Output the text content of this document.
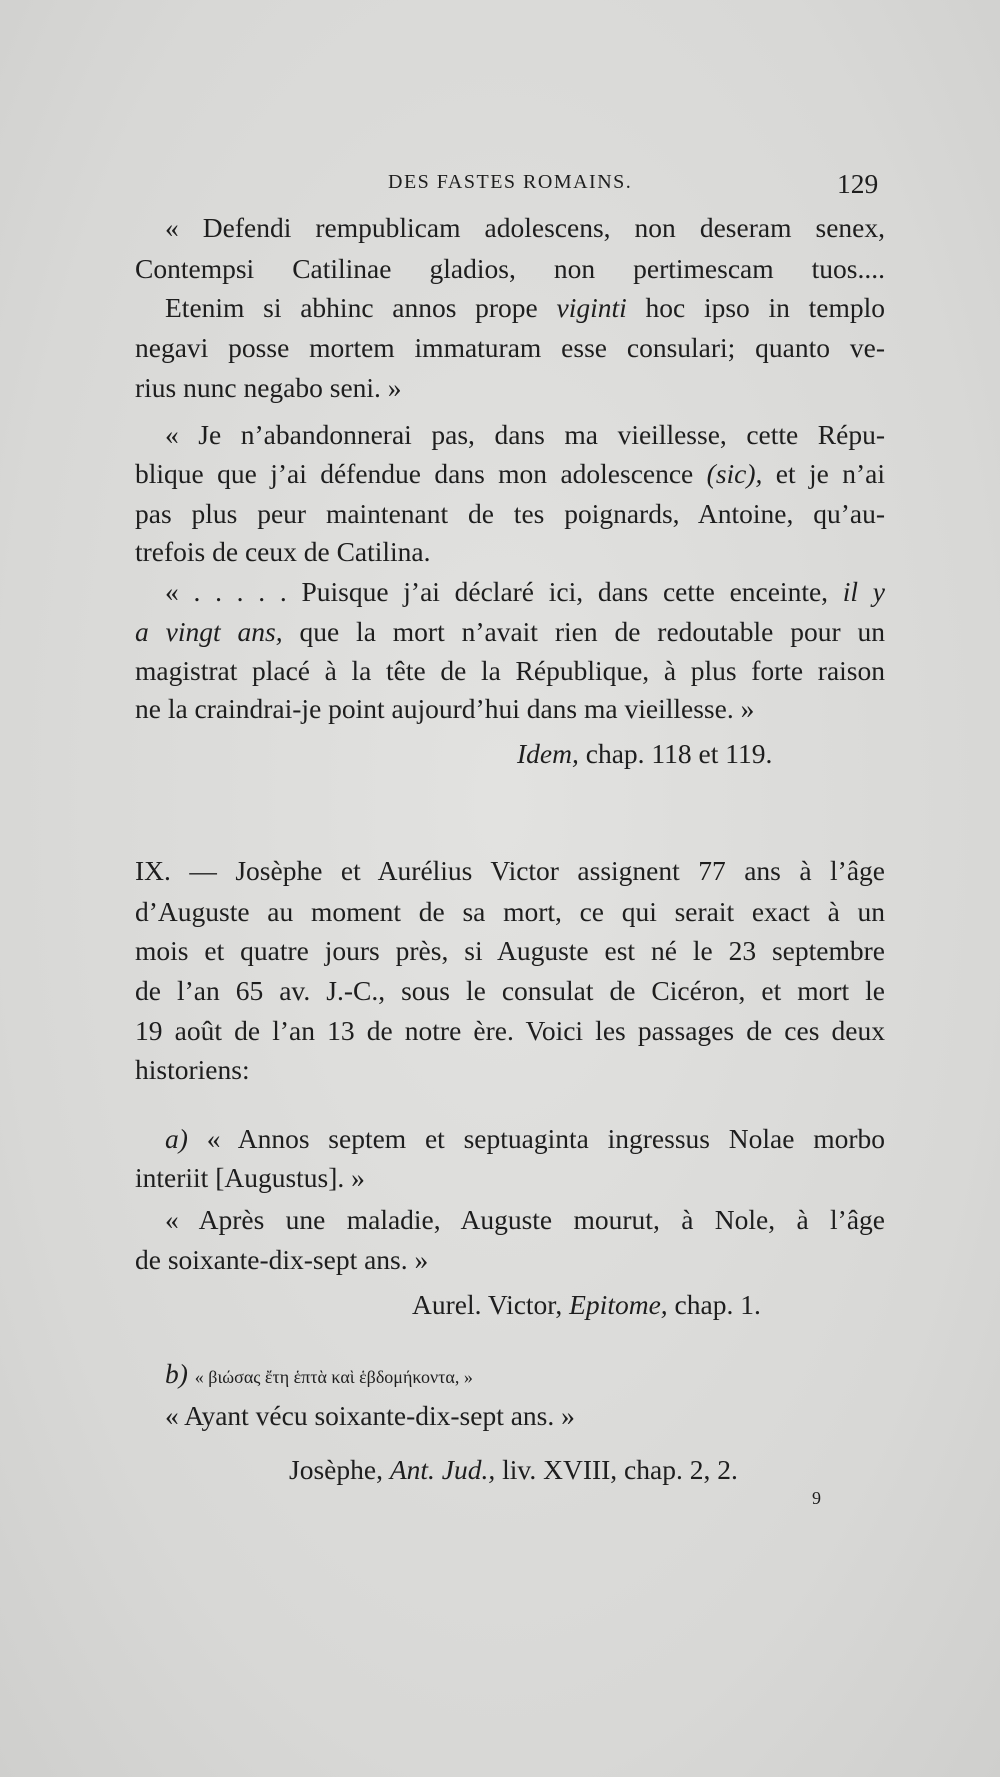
DES FASTES ROMAINS.	129
« Defendi rempublicam adolescens, non deseram senex,
Contempsi Catilinae gladios, non pertimescam tuos....
Etenim si abhinc annos prope viginti hoc ipso in templo
negavi posse mortem immaturam esse consulari; quanto ve-
rius nunc negabo seni. »
« Je n’abandonnerai pas, dans ma vieillesse, cette Répu-
blique que j’ai défendue dans mon adolescence (sic), et je n’ai
pas plus peur maintenant de tes poignards, Antoine, qu’au-
trefois de ceux de Catilina.
« . . . . . Puisque j’ai déclaré ici, dans cette enceinte, il y
a vingt ans, que la mort n’avait rien de redoutable pour un
magistrat placé à la tête de la République, à plus forte raison
ne la craindrai-je point aujourd’hui dans ma vieillesse. »
Idem, chap. 118 et 119.
IX. — Josèphe et Aurélius Victor assignent 77 ans à l’âge
d’Auguste au moment de sa mort, ce qui serait exact à un
mois et quatre jours près, si Auguste est né le 23 septembre
de l’an 65 av. J.-C., sous le consulat de Cicéron, et mort le
19 août de l’an 13 de notre ère. Voici les passages de ces deux
historiens:
a) « Annos septem et septuaginta ingressus Nolae morbo
interiit [Augustus]. »
« Après une maladie, Auguste mourut, à Nole, à l’âge
de soixante-dix-sept ans. »
Aurel. Victor, Epitome, chap. 1.
b) « βιώσας ἔτη ἑπτὰ καὶ ἑβδομήκοντα, »
« Ayant vécu soixante-dix-sept ans. »
Josèphe, Ant. Jud., liv. XVIII, chap. 2, 2.
9
